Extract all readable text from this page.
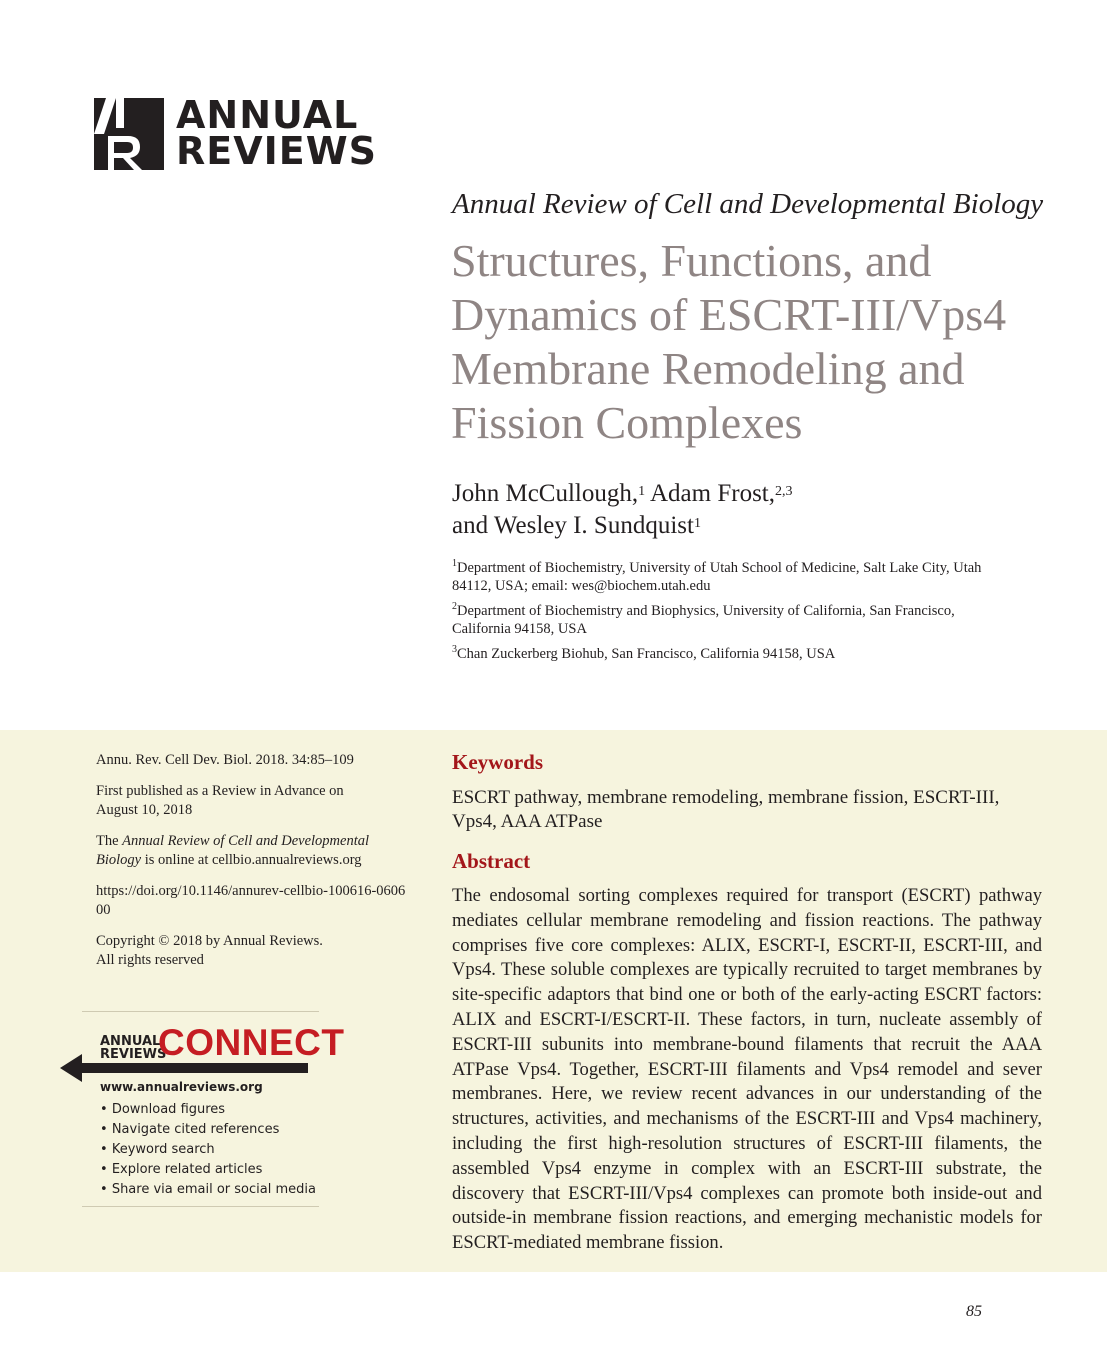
ANNUAL
REVIEWS
Annual Review of Cell and Developmental Biology
Structures, Functions, and Dynamics of ESCRT-III/Vps4 Membrane Remodeling and Fission Complexes
John McCullough,$^1$ Adam Frost,$^{2,3}$
and Wesley I. Sundquist$^1$
$^1$Department of Biochemistry, University of Utah School of Medicine, Salt Lake City, Utah 84112, USA; email: wes@biochem.utah.edu
$^2$Department of Biochemistry and Biophysics, University of California, San Francisco, California 94158, USA
$^3$Chan Zuckerberg Biohub, San Francisco, California 94158, USA
Annu. Rev. Cell Dev. Biol. 2018. 34:85–109
First published as a Review in Advance on August 10, 2018
The Annual Review of Cell and Developmental Biology is online at cellbio.annualreviews.org
https://doi.org/10.1146/annurev-cellbio-100616-060600
Copyright © 2018 by Annual Reviews.
All rights reserved
ANNUAL
REVIEWS
CONNECT
www.annualreviews.org
• Download figures
• Navigate cited references
• Keyword search
• Explore related articles
• Share via email or social media
Keywords
ESCRT pathway, membrane remodeling, membrane fission, ESCRT-III, Vps4, AAA ATPase
Abstract

The endosomal sorting complexes required for transport (ESCRT) pathway mediates cellular membrane remodeling and fission reactions. The pathway comprises five core complexes: ALIX, ESCRT-I, ESCRT-II, ESCRT-III, and Vps4. These soluble complexes are typically recruited to target membranes by site-specific adaptors that bind one or both of the early-acting ESCRT factors: ALIX and ESCRT-I/ESCRT-II. These factors, in turn, nucleate assembly of ESCRT-III subunits into membrane-bound filaments that recruit the AAA ATPase Vps4. Together, ESCRT-III filaments and Vps4 remodel and sever membranes. Here, we review recent advances in our understanding of the structures, activities, and mechanisms of the ESCRT-III and Vps4 machinery, including the first high-resolution structures of ESCRT-III filaments, the assembled Vps4 enzyme in complex with an ESCRT-III substrate, the discovery that ESCRT-III/Vps4 complexes can promote both inside-out and outside-in membrane fission reactions, and emerging mechanistic models for ESCRT-mediated membrane fission.

85
